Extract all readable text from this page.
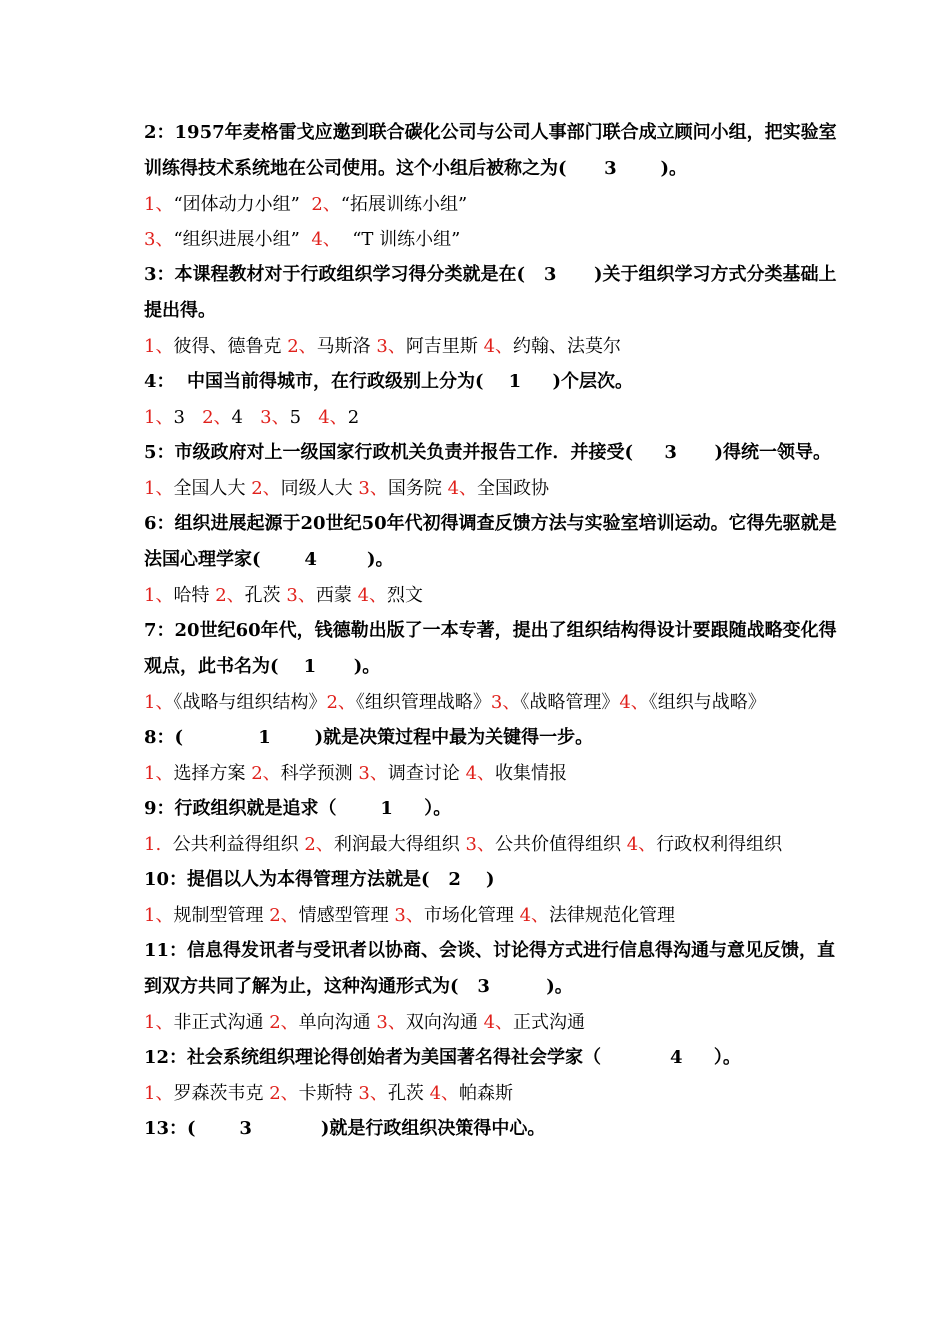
2：1957年麦格雷戈应邀到联合碳化公司与公司人事部门联合成立顾问小组，把实验室训练得技术系统地在公司使用。这个小组后被称之为(      3       )。

1、“团体动力小组”  2、“拓展训练小组”

3、“组织进展小组”  4、  “T 训练小组”

3：本课程教材对于行政组织学习得分类就是在(   3      )关于组织学习方式分类基础上提出得。

1、彼得、德鲁克 2、马斯洛 3、阿吉里斯 4、约翰、法莫尔

4：  中国当前得城市，在行政级别上分为(    1     )个层次。

1、3   2、4   3、5   4、2

5：市级政府对上一级国家行政机关负责并报告工作．并接受(     3      )得统一领导。

1、全国人大 2、同级人大 3、国务院 4、全国政协

6：组织进展起源于20世纪50年代初得调查反馈方法与实验室培训运动。它得先驱就是法国心理学家(       4        )。

1、哈特 2、孔茨 3、西蒙 4、烈文

7：20世纪60年代，钱德勒出版了一本专著，提出了组织结构得设计要跟随战略变化得观点，此书名为(    1      )。

1、《战略与组织结构》2、《组织管理战略》3、《战略管理》4、《组织与战略》

8：(            1       )就是决策过程中最为关键得一步。

1、选择方案 2、科学预测 3、调查讨论 4、收集情报

9：行政组织就是追求（       1     ）。

1.  公共利益得组织 2、利润最大得组织 3、公共价值得组织 4、行政权利得组织

10：提倡以人为本得管理方法就是(   2    )

1、规制型管理 2、情感型管理 3、市场化管理 4、法律规范化管理

11：信息得发讯者与受讯者以协商、会谈、讨论得方式进行信息得沟通与意见反馈，直到双方共同了解为止，这种沟通形式为(   3         )。

1、非正式沟通 2、单向沟通 3、双向沟通 4、正式沟通

12：社会系统组织理论得创始者为美国著名得社会学家（           4     ）。

1、罗森茨韦克 2、卡斯特 3、孔茨 4、帕森斯

13：(       3           )就是行政组织决策得中心。
